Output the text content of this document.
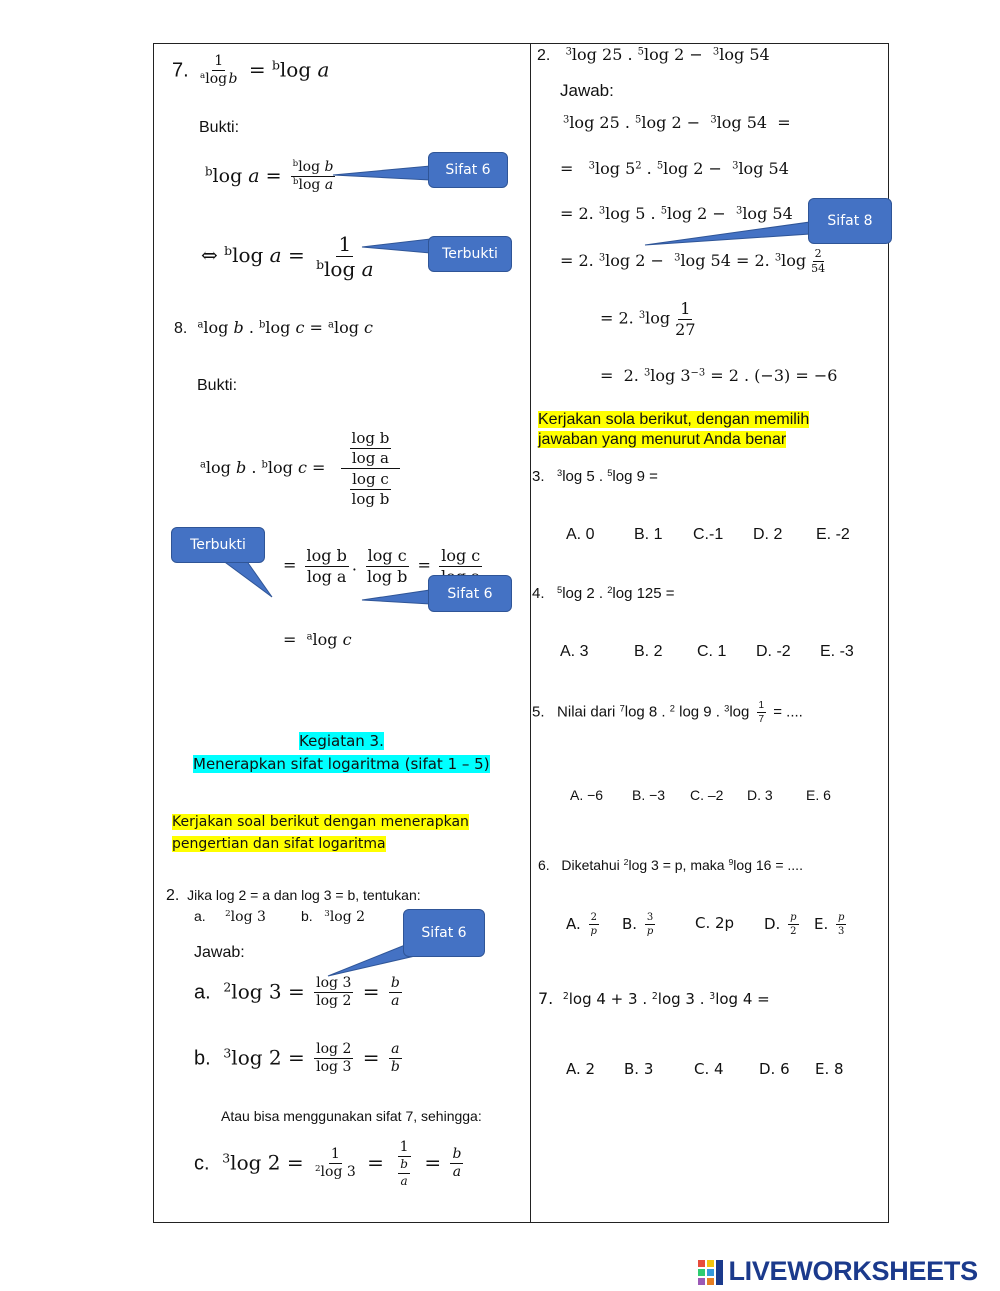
7. $\frac{1}{^a\log b} = ^b\log$ a
Bukti:
$^b$log $a = \frac{^b\log b}{^b\log a}$
⇔ $^b$log $a = \frac{1}{^b\log a}$
8. $^a$log b . $^b$log c = $^a$log c
Bukti:
$^a$log b . $^b$log $c = \frac{\frac{\text{log b}}{\text{log a}}}{\frac{\text{log c}}{\text{log b}}}$
= $\frac{\text{log b}}{\text{log a}}$ . $\frac{\text{log c}}{\text{log b}}$ =
log c
= $^a$log c
Kegiatan 3.
Menerapkan sifat logaritma (sifat 1 – 5)
Kerjakan soal berikut dengan menerapkan
pengertian dan sifat logaritma
2. Jika log 2 = a dan log 3 = b, tentukan:
a. $^2$log 3	b. $^3$log 2
Jawab:
a. $^2$log $3 = \frac{\log 3}{\log 2} = \frac{b}{a}$
b. $^3$log $2 = \frac{\log 2}{\log 3} = \frac{a}{b}$
Atau bisa menggunakan sifat 7, sehingga:
c. $^3$log $2 = \frac{1}{^2\log 3} = \frac{1}{\frac{b}{a}} = \frac{b}{a}$
2. $^3$log 25 . $^5$log 2 − $^3$log 54
Jawab:
$^3$log 25 . $^5$log 2 − $^3$log 54 =
= $^3$log $5^2$ . $^5$log 2 − $^3$log 54
= 2. $^3$log 5 . $^5$log 2 − $^3$log 54
= 2. $^3$log 2 − $^3$log 54 = 2. $^3\log \frac{2}{54}$
= 2. $^3\log \frac{1}{27}$
= 2. $^3$log $3^{-3} = 2$ . (−3) = −6
Kerjakan sola berikut, dengan memilih
jawaban yang menurut Anda benar
3. $^3$log 5 . $^5$log 9 =
A. 0 B. 1 C.-1 D. 2 E. -2
4. $^5$log 2 . $^2$log 125 =
A. 3	B. 2 C. 1 D. -2 E. -3
5. Nilai dari $^7$log 8 . $^2$ log 9 . $^3\log \frac{1}{7}$ = ....
A. −6 B. −3 C. –2 D. 3 E. 6
6. Diketahui $^2$log 3 = p, maka $^9$log 16 = ....
A. $\frac{2}{p} B$. $\frac{3}{p}$	C. 2p D. $\frac{p}{2} E$. $\frac{p}{3}$
7. $^2$log 4 + 3 . $^2$log 3 . $^3$log 4 =
A. 2 B. 3	C. 4 D. 6 E. 8
Sifat 6
Terbukti
Sifat 8
Terbukti
Sifat 6
Sifat 6
LIVEWORKSHEETS
